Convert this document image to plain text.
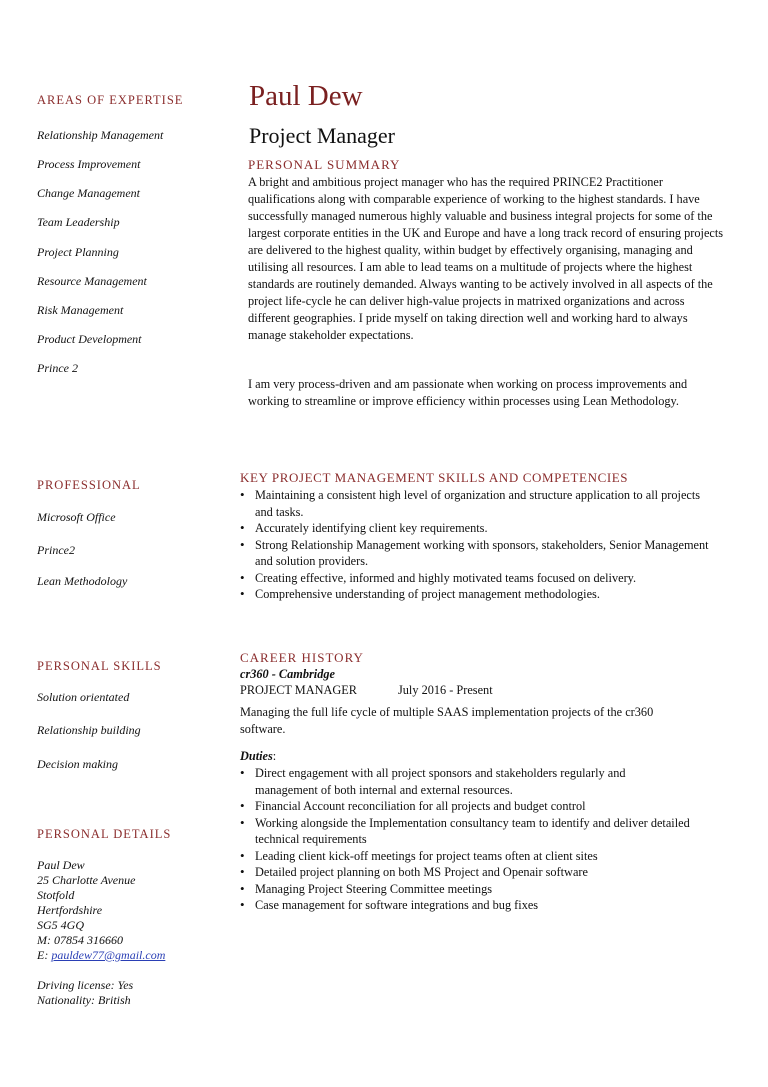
AREAS OF EXPERTISE
Relationship Management
Process Improvement
Change Management
Team Leadership
Project Planning
Resource Management
Risk Management
Product Development
Prince 2
PROFESSIONAL
Microsoft Office
Prince2
Lean Methodology
PERSONAL SKILLS
Solution orientated
Relationship building
Decision making
PERSONAL DETAILS
Paul Dew
25 Charlotte Avenue
Stotfold
Hertfordshire
SG5 4GQ
M: 07854 316660
E: pauldew77@gmail.com
Driving license: Yes
Nationality: British
Paul Dew
Project Manager
PERSONAL SUMMARY
A bright and ambitious project manager who has the required PRINCE2 Practitioner qualifications along with comparable experience of working to the highest standards. I have successfully managed numerous highly valuable and business integral projects for some of the largest corporate entities in the UK and Europe and have a long track record of ensuring projects are delivered to the highest quality, within budget by effectively organising, managing and utilising all resources. I am able to lead teams on a multitude of projects where the highest standards are routinely demanded. Always wanting to be actively involved in all aspects of the project life-cycle he can deliver high-value projects in matrixed organizations and across different geographies. I pride myself on taking direction well and working hard to always manage stakeholder expectations.
I am very process-driven and am passionate when working on process improvements and working to streamline or improve efficiency within processes using Lean Methodology.
KEY PROJECT MANAGEMENT SKILLS AND COMPETENCIES
• Maintaining a consistent high level of organization and structure application to all projects and tasks.
• Accurately identifying client key requirements.
• Strong Relationship Management working with sponsors, stakeholders, Senior Management and solution providers.
• Creating effective, informed and highly motivated teams focused on delivery.
• Comprehensive understanding of project management methodologies.
CAREER HISTORY
cr360 - Cambridge
PROJECT MANAGER	July 2016 - Present
Managing the full life cycle of multiple SAAS implementation projects of the cr360 software.
Duties:
• Direct engagement with all project sponsors and stakeholders regularly and management of both internal and external resources.
• Financial Account reconciliation for all projects and budget control
• Working alongside the Implementation consultancy team to identify and deliver detailed technical requirements
• Leading client kick-off meetings for project teams often at client sites
• Detailed project planning on both MS Project and Openair software
• Managing Project Steering Committee meetings
• Case management for software integrations and bug fixes
